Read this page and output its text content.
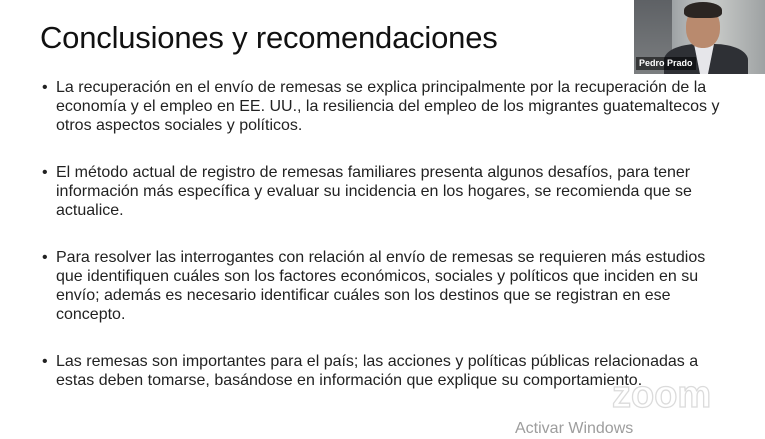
Conclusiones y recomendaciones
• La recuperación en el envío de remesas se explica principalmente por la recuperación de la economía y el empleo en EE. UU., la resiliencia del empleo de los migrantes guatemaltecos y otros aspectos sociales y políticos.
• El método actual de registro de remesas familiares presenta algunos desafíos, para tener información más específica y evaluar su incidencia en los hogares, se recomienda que se actualice.
• Para resolver las interrogantes con relación al envío de remesas se requieren más estudios que identifiquen cuáles son los factores económicos, sociales y políticos que inciden en su envío; además es necesario identificar cuáles son los destinos que se registran en ese concepto.
• Las remesas son importantes para el país; las acciones y políticas públicas relacionadas a estas deben tomarse, basándose en información que explique su comportamiento.
Pedro Prado
zoom
Activar Windows
